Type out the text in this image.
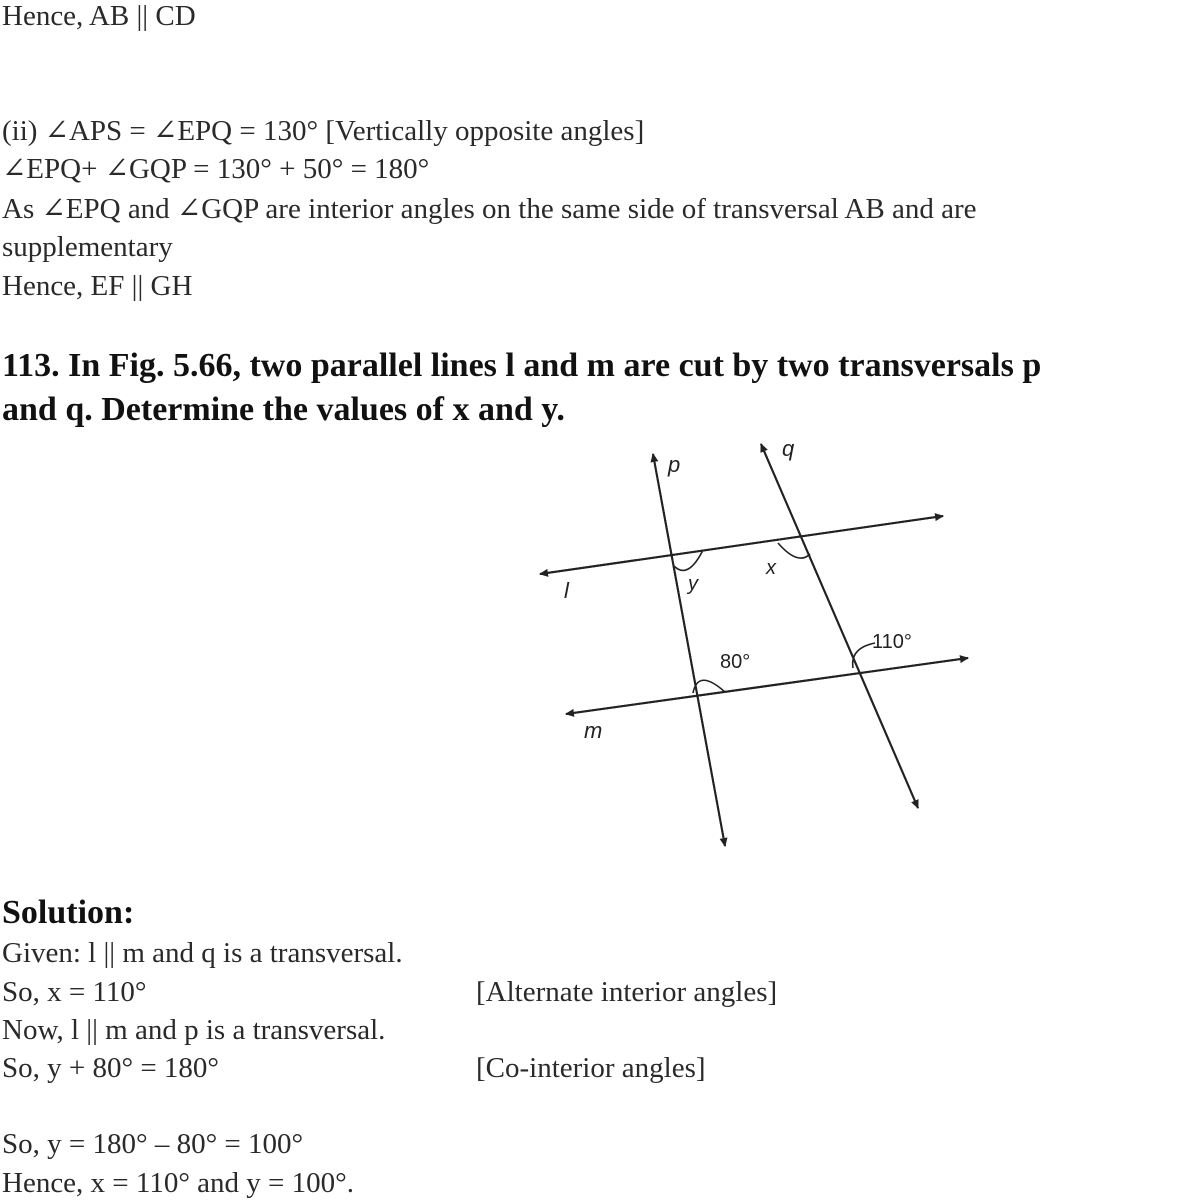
Hence, AB || CD
(ii) ∠APS = ∠EPQ = 130° [Vertically opposite angles]
∠EPQ+ ∠GQP = 130° + 50° = 180°
As ∠EPQ and ∠GQP are interior angles on the same side of transversal AB and are
supplementary
Hence, EF || GH
113. In Fig. 5.66, two parallel lines l and m are cut by two transversals p
and q. Determine the values of x and y.
p
q
l
m
y
x
80°
110°
Solution:
Given: l || m and q is a transversal.
So, x = 110°	[Alternate interior angles]
Now, l || m and p is a transversal.
So, y + 80° = 180°	[Co-interior angles]
So, y = 180° – 80° = 100°
Hence, x = 110° and y = 100°.
